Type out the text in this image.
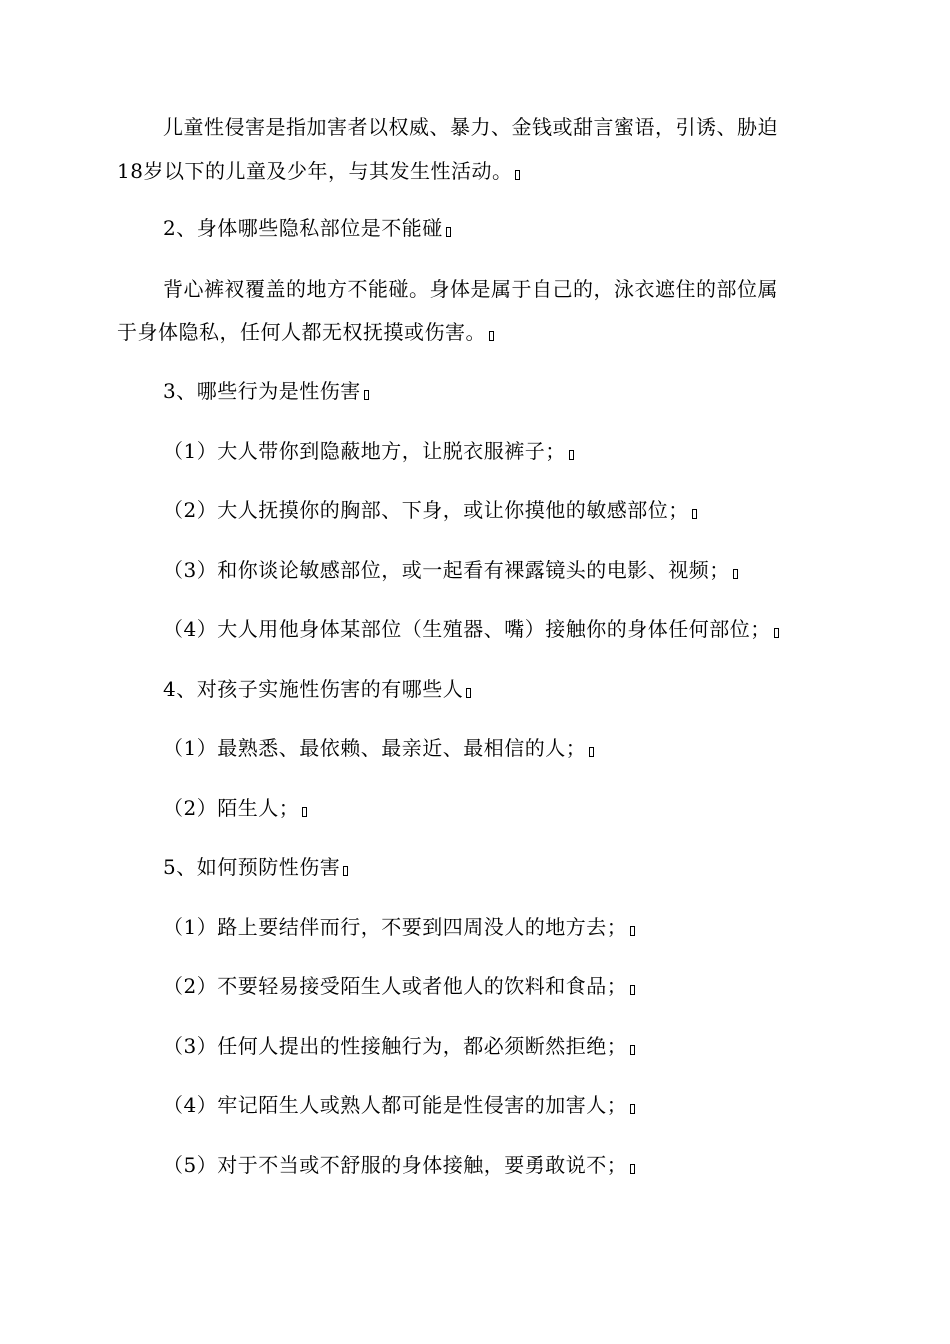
儿童性侵害是指加害者以权威、暴力、金钱或甜言蜜语，引诱、胁迫
18岁以下的儿童及少年，与其发生性活动。
2、身体哪些隐私部位是不能碰
背心裤衩覆盖的地方不能碰。身体是属于自己的，泳衣遮住的部位属
于身体隐私，任何人都无权抚摸或伤害。
3、哪些行为是性伤害
（1）大人带你到隐蔽地方，让脱衣服裤子；
（2）大人抚摸你的胸部、下身，或让你摸他的敏感部位；
（3）和你谈论敏感部位，或一起看有裸露镜头的电影、视频；
（4）大人用他身体某部位（生殖器、嘴）接触你的身体任何部位；
4、对孩子实施性伤害的有哪些人
（1）最熟悉、最依赖、最亲近、最相信的人；
（2）陌生人；
5、如何预防性伤害
（1）路上要结伴而行，不要到四周没人的地方去；
（2）不要轻易接受陌生人或者他人的饮料和食品；
（3）任何人提出的性接触行为，都必须断然拒绝；
（4）牢记陌生人或熟人都可能是性侵害的加害人；
（5）对于不当或不舒服的身体接触，要勇敢说不；
